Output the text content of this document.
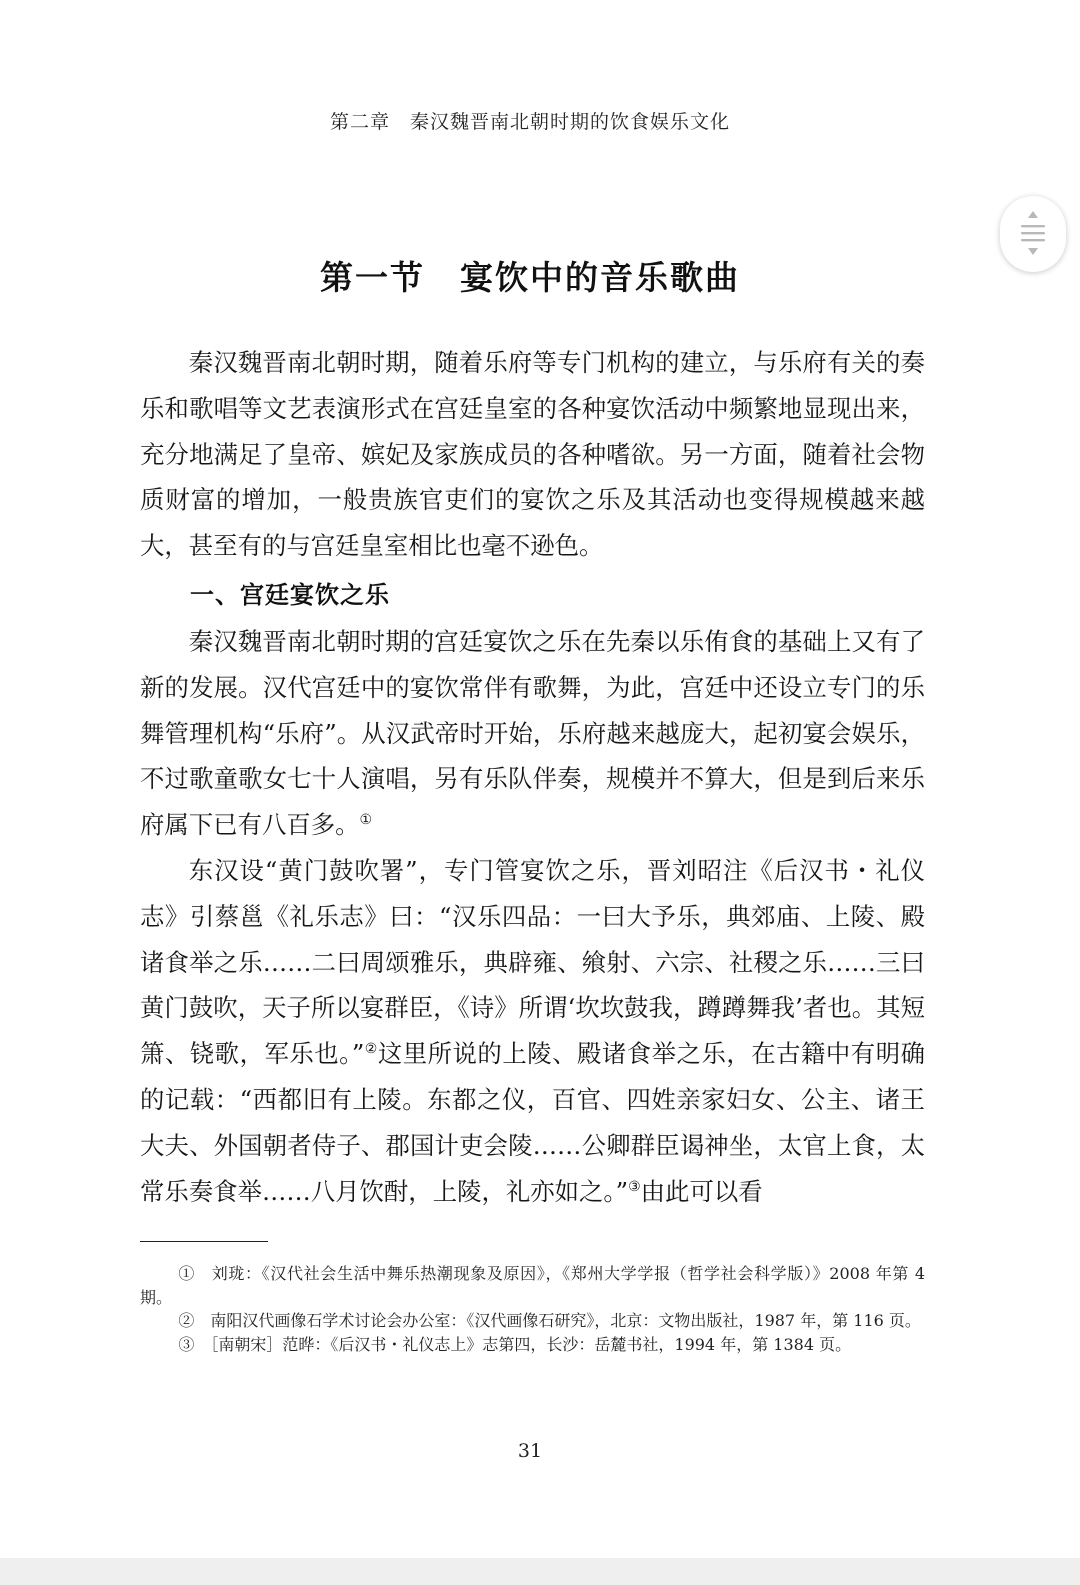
第二章　秦汉魏晋南北朝时期的饮食娱乐文化
第一节　宴饮中的音乐歌曲

秦汉魏晋南北朝时期，随着乐府等专门机构的建立，与乐府有关的奏乐和歌唱等文艺表演形式在宫廷皇室的各种宴饮活动中频繁地显现出来，充分地满足了皇帝、嫔妃及家族成员的各种嗜欲。另一方面，随着社会物质财富的增加，一般贵族官吏们的宴饮之乐及其活动也变得规模越来越大，甚至有的与宫廷皇室相比也毫不逊色。

一、宫廷宴饮之乐

秦汉魏晋南北朝时期的宫廷宴饮之乐在先秦以乐侑食的基础上又有了新的发展。汉代宫廷中的宴饮常伴有歌舞，为此，宫廷中还设立专门的乐舞管理机构“乐府”。从汉武帝时开始，乐府越来越庞大，起初宴会娱乐，不过歌童歌女七十人演唱，另有乐队伴奏，规模并不算大，但是到后来乐府属下已有八百多。①

东汉设“黄门鼓吹署”，专门管宴饮之乐，晋刘昭注《后汉书・礼仪志》引蔡邕《礼乐志》曰：“汉乐四品：一曰大予乐，典郊庙、上陵、殿诸食举之乐……二曰周颂雅乐，典辟雍、飨射、六宗、社稷之乐……三曰黄门鼓吹，天子所以宴群臣，《诗》所谓‘坎坎鼓我，蹲蹲舞我’者也。其短箫、铙歌，军乐也。”②这里所说的上陵、殿诸食举之乐，在古籍中有明确的记载：“西都旧有上陵。东都之仪，百官、四姓亲家妇女、公主、诸王大夫、外国朝者侍子、郡国计吏会陵……公卿群臣谒神坐，太官上食，太常乐奏食举……八月饮酎，上陵，礼亦如之。”③由此可以看

①　刘珑：《汉代社会生活中舞乐热潮现象及原因》，《郑州大学学报（哲学社会科学版）》2008 年第 4 期。

②　南阳汉代画像石学术讨论会办公室：《汉代画像石研究》，北京：文物出版社，1987 年，第 116 页。

③　［南朝宋］范晔：《后汉书・礼仪志上》志第四，长沙：岳麓书社，1994 年，第 1384 页。

31
